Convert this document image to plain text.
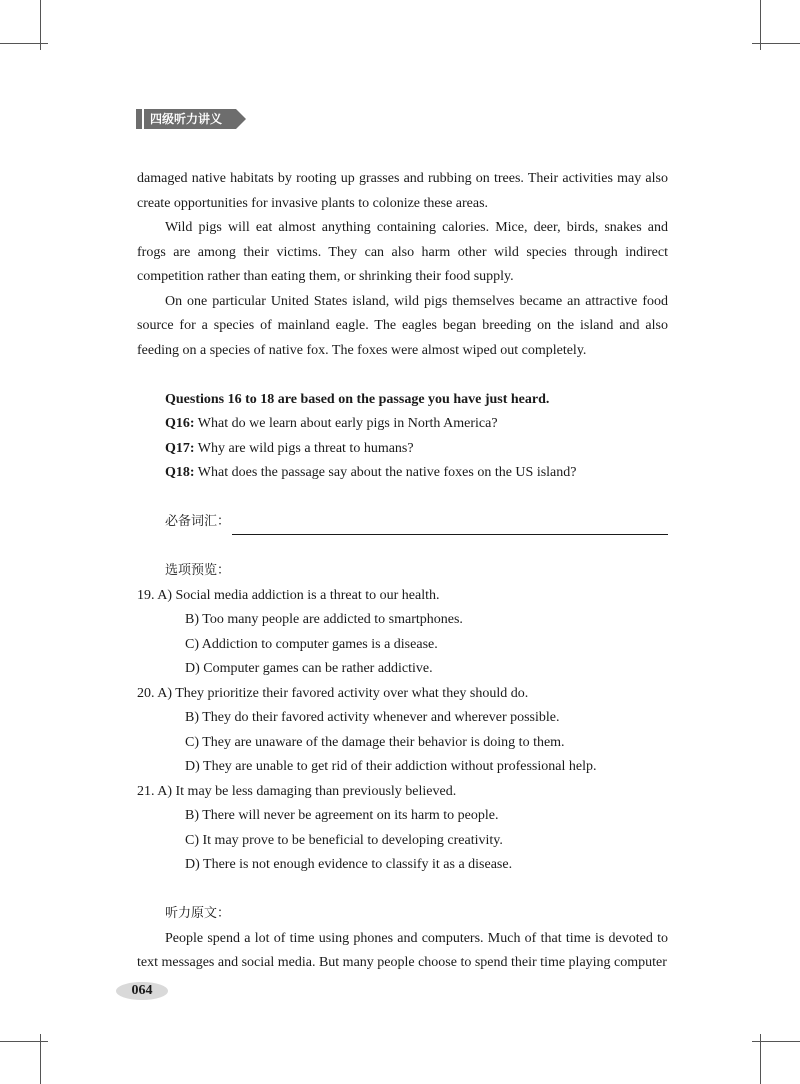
四级听力讲义

damaged native habitats by rooting up grasses and rubbing on trees. Their activities may also create opportunities for invasive plants to colonize these areas.

Wild pigs will eat almost anything containing calories. Mice, deer, birds, snakes and frogs are among their victims. They can also harm other wild species through indirect competition rather than eating them, or shrinking their food supply.

On one particular United States island, wild pigs themselves became an attractive food source for a species of mainland eagle. The eagles began breeding on the island and also feeding on a species of native fox. The foxes were almost wiped out completely.

Questions 16 to 18 are based on the passage you have just heard.

Q16: What do we learn about early pigs in North America?

Q17: Why are wild pigs a threat to humans?

Q18: What does the passage say about the native foxes on the US island?

必备词汇：

选项预览：

19. A) Social media addiction is a threat to our health.

B) Too many people are addicted to smartphones.

C) Addiction to computer games is a disease.

D) Computer games can be rather addictive.

20. A) They prioritize their favored activity over what they should do.

B) They do their favored activity whenever and wherever possible.

C) They are unaware of the damage their behavior is doing to them.

D) They are unable to get rid of their addiction without professional help.

21. A) It may be less damaging than previously believed.

B) There will never be agreement on its harm to people.

C) It may prove to be beneficial to developing creativity.

D) There is not enough evidence to classify it as a disease.

听力原文：

People spend a lot of time using phones and computers. Much of that time is devoted to text messages and social media. But many people choose to spend their time playing computer

064
